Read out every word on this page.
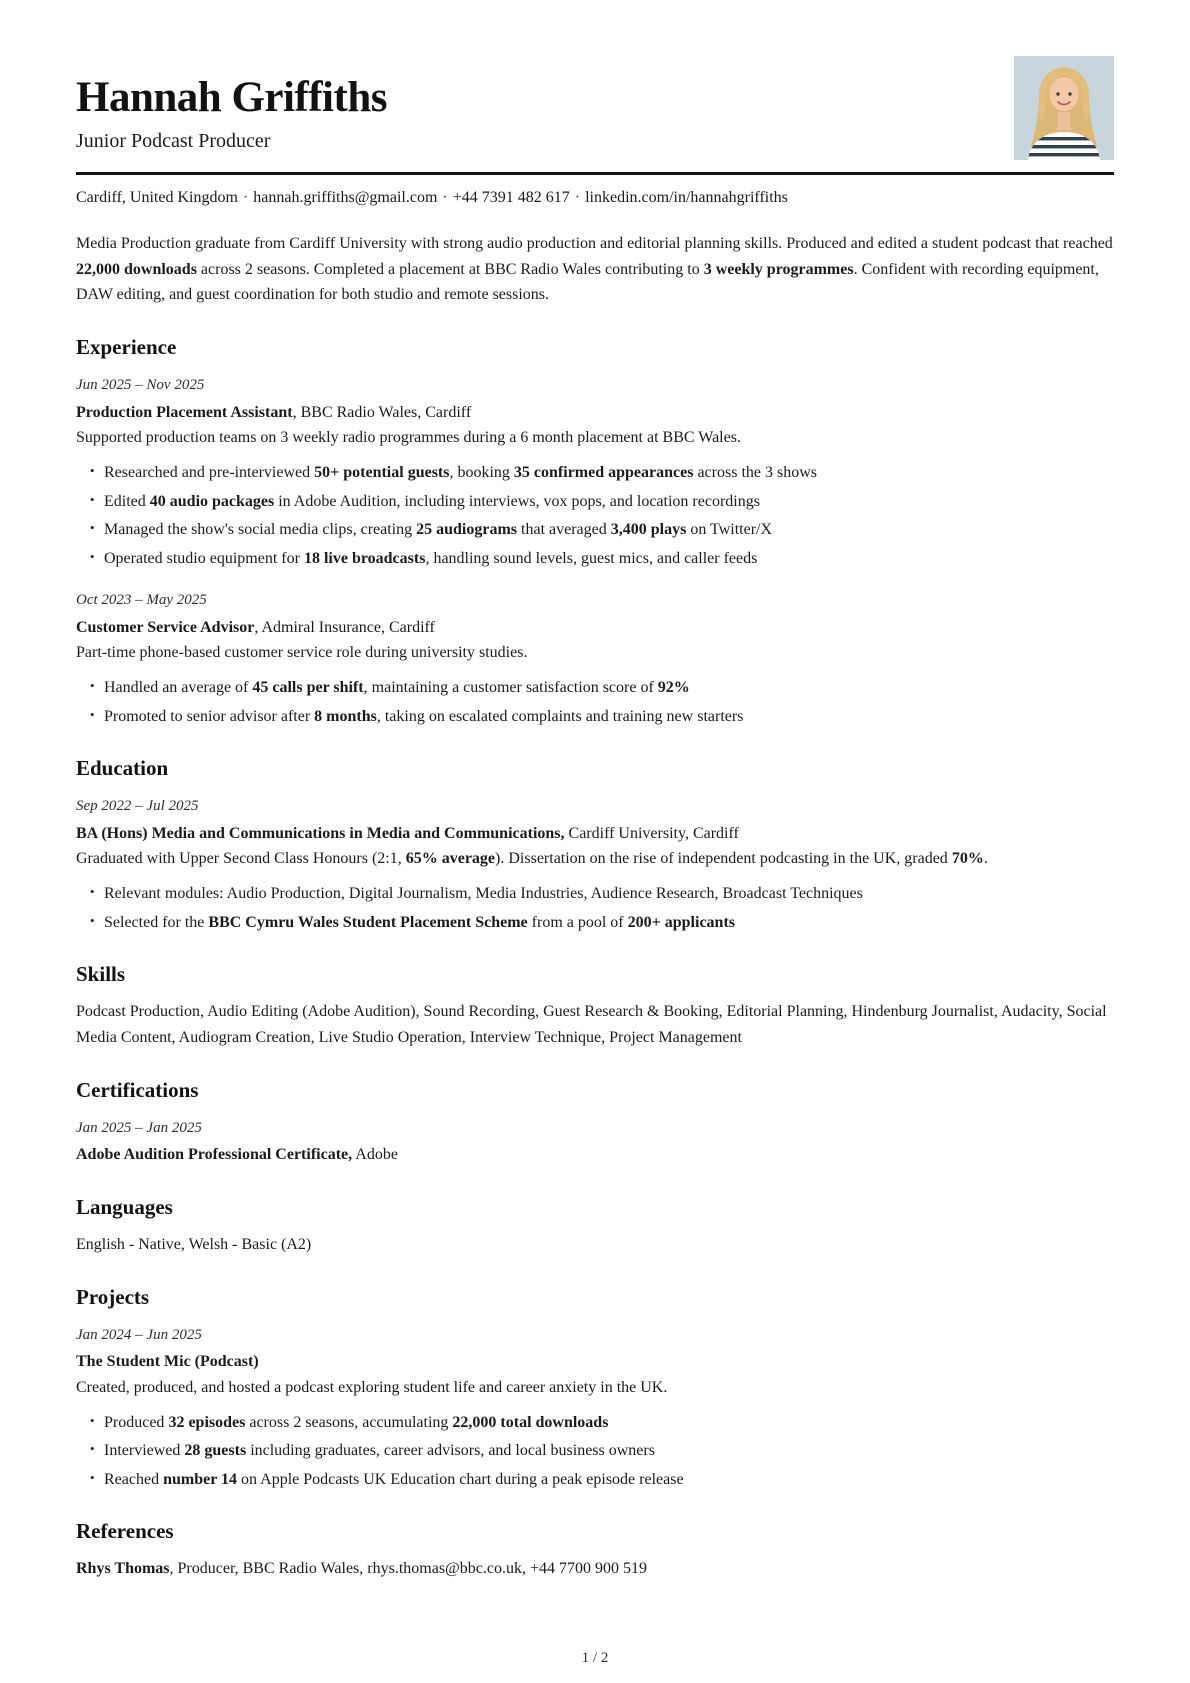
Hannah Griffiths
Junior Podcast Producer
Cardiff, United Kingdom · hannah.griffiths@gmail.com · +44 7391 482 617 · linkedin.com/in/hannahgriffiths

Media Production graduate from Cardiff University with strong audio production and editorial planning skills. Produced and edited a student podcast that reached 22,000 downloads across 2 seasons. Completed a placement at BBC Radio Wales contributing to 3 weekly programmes. Confident with recording equipment, DAW editing, and guest coordination for both studio and remote sessions.

Experience
Jun 2025 – Nov 2025
Production Placement Assistant, BBC Radio Wales, Cardiff
Supported production teams on 3 weekly radio programmes during a 6 month placement at BBC Wales.
• Researched and pre-interviewed 50+ potential guests, booking 35 confirmed appearances across the 3 shows
• Edited 40 audio packages in Adobe Audition, including interviews, vox pops, and location recordings
• Managed the show's social media clips, creating 25 audiograms that averaged 3,400 plays on Twitter/X
• Operated studio equipment for 18 live broadcasts, handling sound levels, guest mics, and caller feeds
Oct 2023 – May 2025
Customer Service Advisor, Admiral Insurance, Cardiff
Part-time phone-based customer service role during university studies.
• Handled an average of 45 calls per shift, maintaining a customer satisfaction score of 92%
• Promoted to senior advisor after 8 months, taking on escalated complaints and training new starters
Education
Sep 2022 – Jul 2025
BA (Hons) Media and Communications in Media and Communications, Cardiff University, Cardiff
Graduated with Upper Second Class Honours (2:1, 65% average). Dissertation on the rise of independent podcasting in the UK, graded 70%.
• Relevant modules: Audio Production, Digital Journalism, Media Industries, Audience Research, Broadcast Techniques
• Selected for the BBC Cymru Wales Student Placement Scheme from a pool of 200+ applicants
Skills

Podcast Production, Audio Editing (Adobe Audition), Sound Recording, Guest Research & Booking, Editorial Planning, Hindenburg Journalist, Audacity, Social Media Content, Audiogram Creation, Live Studio Operation, Interview Technique, Project Management

Certifications
Jan 2025 – Jan 2025
Adobe Audition Professional Certificate, Adobe
Languages

English - Native, Welsh - Basic (A2)

Projects
Jan 2024 – Jun 2025
The Student Mic (Podcast)
Created, produced, and hosted a podcast exploring student life and career anxiety in the UK.
• Produced 32 episodes across 2 seasons, accumulating 22,000 total downloads
• Interviewed 28 guests including graduates, career advisors, and local business owners
• Reached number 14 on Apple Podcasts UK Education chart during a peak episode release
References

Rhys Thomas, Producer, BBC Radio Wales, rhys.thomas@bbc.co.uk, +44 7700 900 519

1 / 2
